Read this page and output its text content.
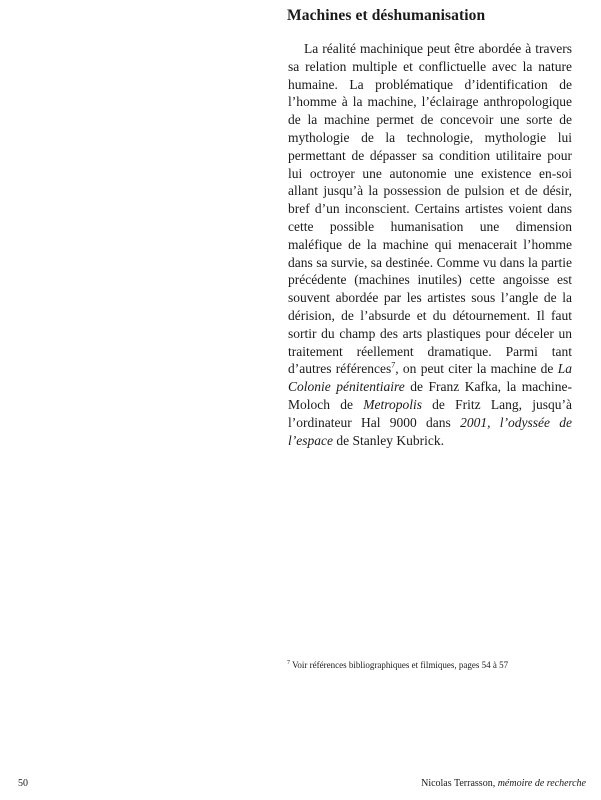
Machines et déshumanisation

La réalité machinique peut être abordée à travers sa relation multiple et conflictuelle avec la nature humaine. La problématique d’identification de l’homme à la machine, l’éclairage anthropologique de la machine permet de concevoir une sorte de mythologie de la technologie, mythologie lui permettant de dépasser sa condition utilitaire pour lui octroyer une autonomie une existence en-soi allant jusqu’à la possession de pulsion et de désir, bref d’un inconscient. Certains artistes voient dans cette possible humanisation une dimension maléfique de la machine qui menacerait l’homme dans sa survie, sa destinée. Comme vu dans la partie précédente (machines inutiles) cette angoisse est souvent abordée par les artistes sous l’angle de la dérision, de l’absurde et du détournement. Il faut sortir du champ des arts plastiques pour déceler un traitement réellement dramatique. Parmi tant d’autres références$^7$, on peut citer la machine de La Colonie pénitentiaire de Franz Kafka, la machine-Moloch de Metropolis de Fritz Lang, jusqu’à l’ordinateur Hal 9000 dans 2001, l’odyssée de l’espace de Stanley Kubrick.

$^7$ Voir références bibliographiques et filmiques, pages 54 à 57

50	Nicolas Terrasson, mémoire de recherche
